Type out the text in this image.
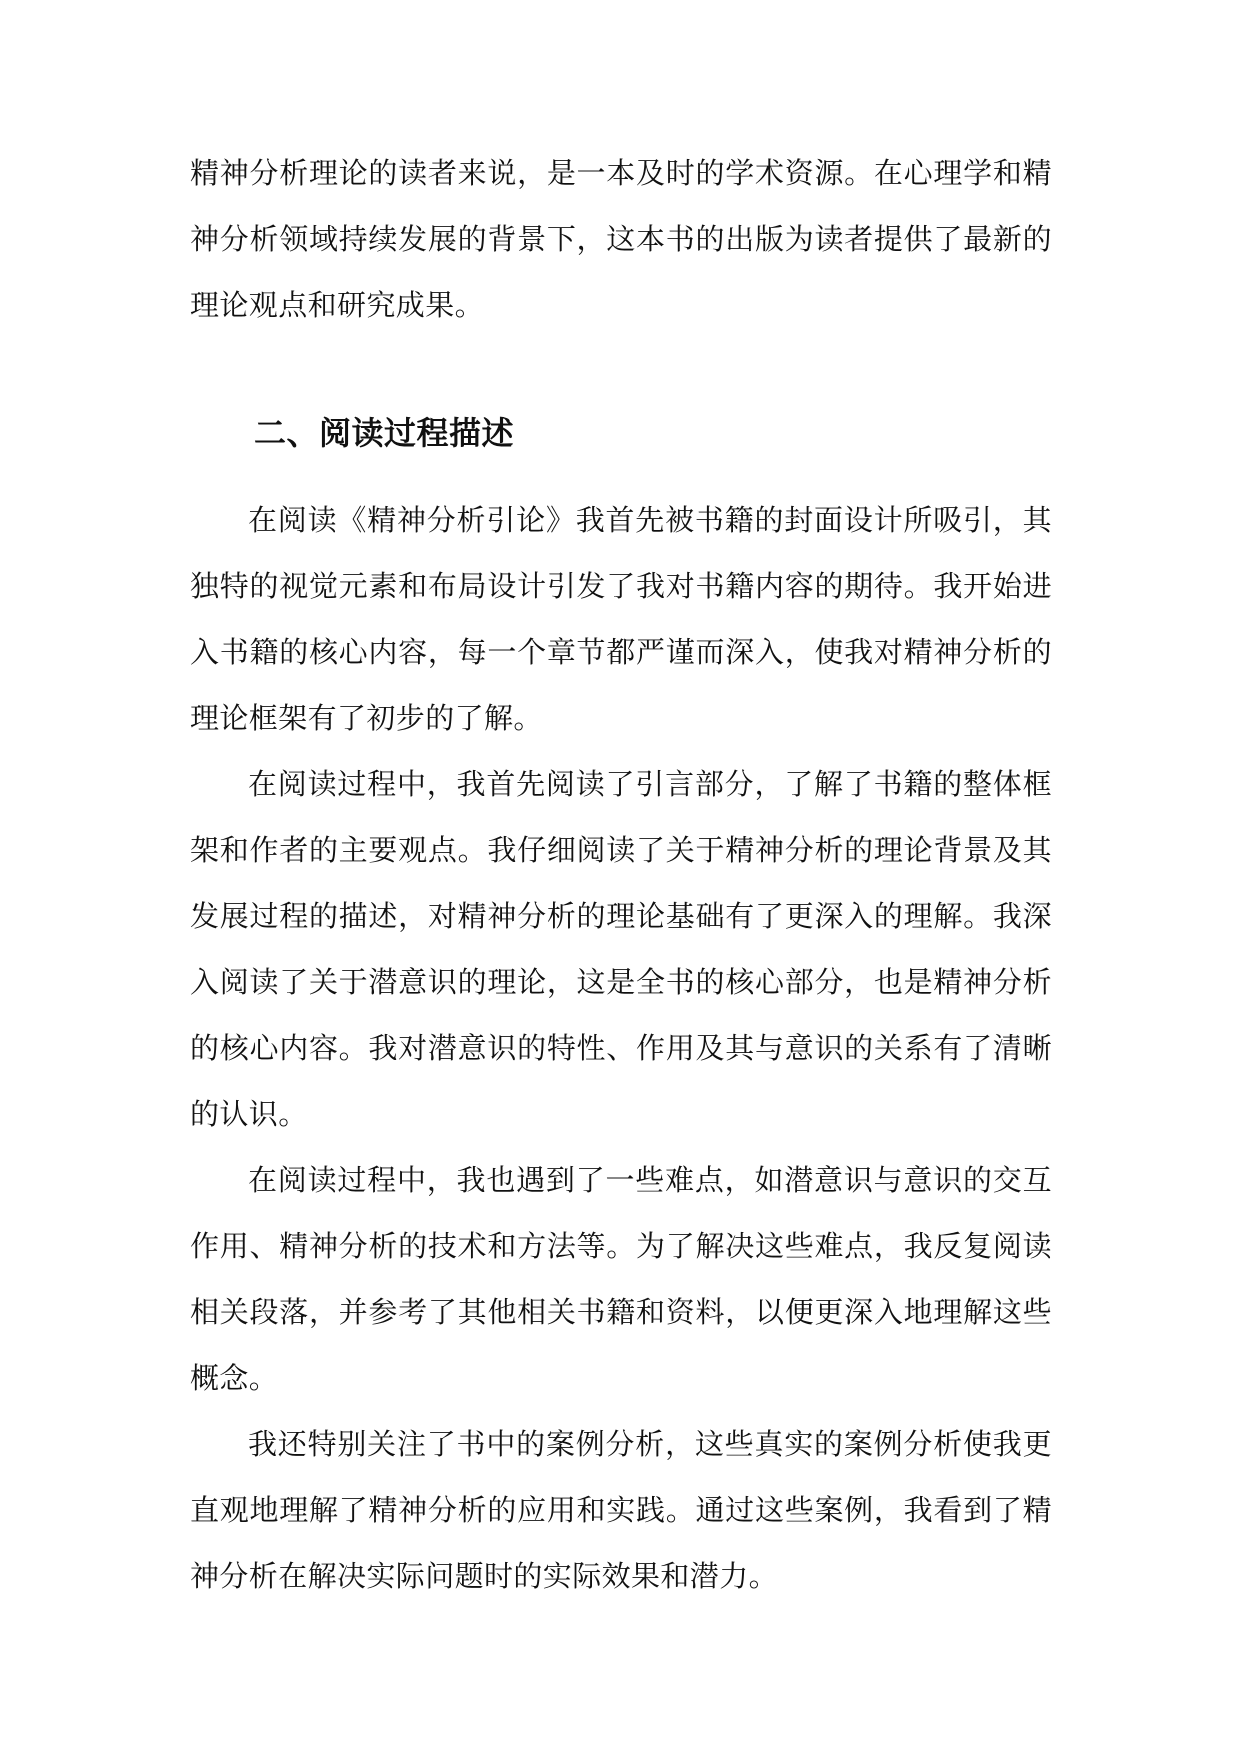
精神分析理论的读者来说，是一本及时的学术资源。在心理学和精神分析领域持续发展的背景下，这本书的出版为读者提供了最新的理论观点和研究成果。

二、阅读过程描述

在阅读《精神分析引论》我首先被书籍的封面设计所吸引，其独特的视觉元素和布局设计引发了我对书籍内容的期待。我开始进入书籍的核心内容，每一个章节都严谨而深入，使我对精神分析的理论框架有了初步的了解。

在阅读过程中，我首先阅读了引言部分，了解了书籍的整体框架和作者的主要观点。我仔细阅读了关于精神分析的理论背景及其发展过程的描述，对精神分析的理论基础有了更深入的理解。我深入阅读了关于潜意识的理论，这是全书的核心部分，也是精神分析的核心内容。我对潜意识的特性、作用及其与意识的关系有了清晰的认识。

在阅读过程中，我也遇到了一些难点，如潜意识与意识的交互作用、精神分析的技术和方法等。为了解决这些难点，我反复阅读相关段落，并参考了其他相关书籍和资料，以便更深入地理解这些概念。

我还特别关注了书中的案例分析，这些真实的案例分析使我更直观地理解了精神分析的应用和实践。通过这些案例，我看到了精神分析在解决实际问题时的实际效果和潜力。
